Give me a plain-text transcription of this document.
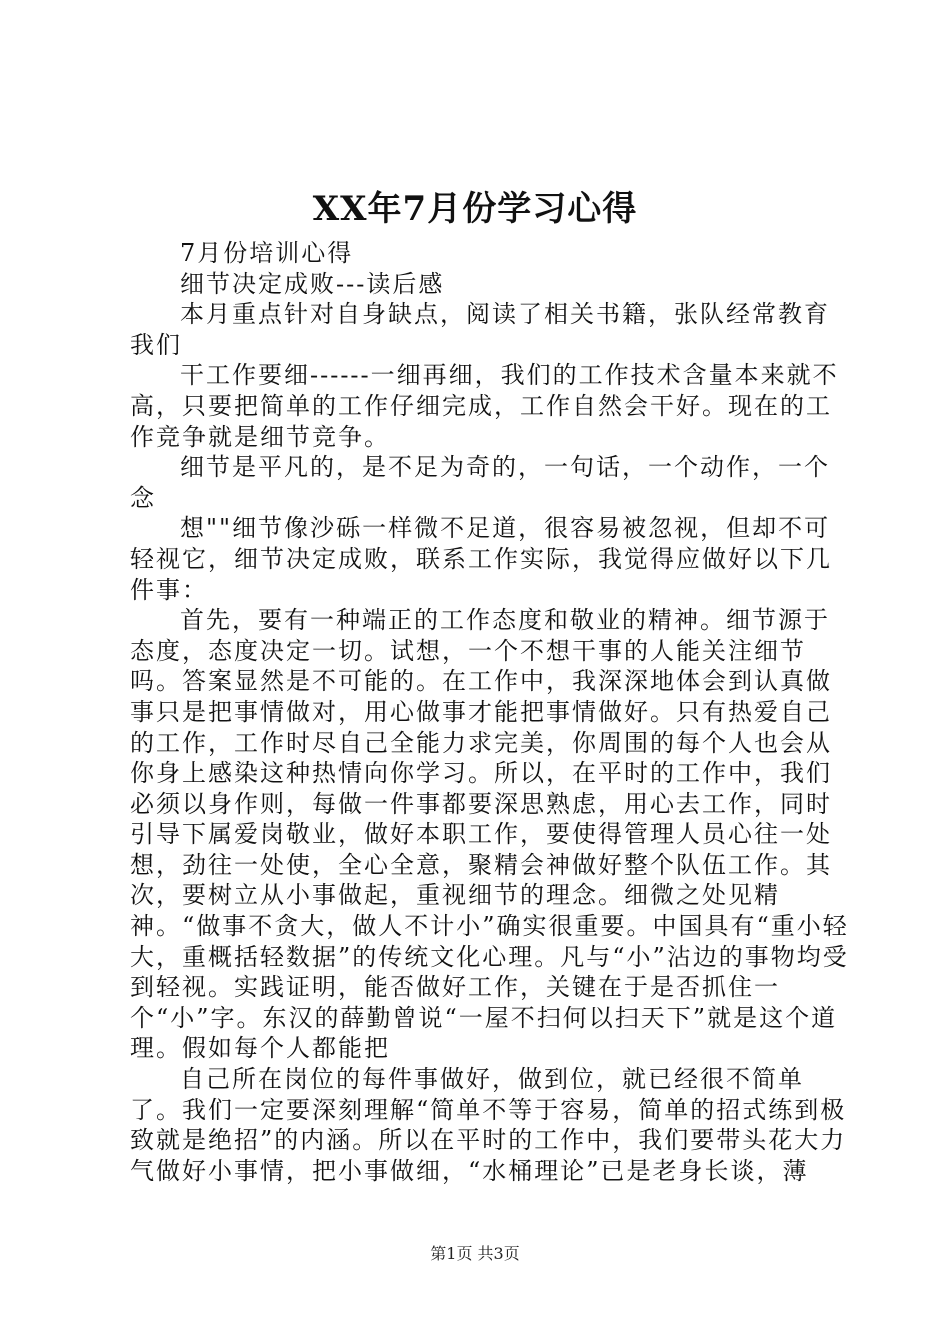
XX年7月份学习心得

7月份培训心得

细节决定成败---读后感

本月重点针对自身缺点，阅读了相关书籍，张队经常教育我们

干工作要细------一细再细，我们的工作技术含量本来就不高，只要把简单的工作仔细完成，工作自然会干好。现在的工作竞争就是细节竞争。

细节是平凡的，是不足为奇的，一句话，一个动作，一个念

想""细节像沙砾一样微不足道，很容易被忽视，但却不可轻视它，细节决定成败，联系工作实际，我觉得应做好以下几件事：

首先，要有一种端正的工作态度和敬业的精神。细节源于态度，态度决定一切。试想，一个不想干事的人能关注细节吗。答案显然是不可能的。在工作中，我深深地体会到认真做事只是把事情做对，用心做事才能把事情做好。只有热爱自己的工作，工作时尽自己全能力求完美，你周围的每个人也会从你身上感染这种热情向你学习。所以，在平时的工作中，我们必须以身作则，每做一件事都要深思熟虑，用心去工作，同时引导下属爱岗敬业，做好本职工作，要使得管理人员心往一处想，劲往一处使，全心全意，聚精会神做好整个队伍工作。其次，要树立从小事做起，重视细节的理念。细微之处见精神。“做事不贪大，做人不计小”确实很重要。中国具有“重小轻大，重概括轻数据”的传统文化心理。凡与“小”沾边的事物均受到轻视。实践证明，能否做好工作，关键在于是否抓住一个“小”字。东汉的薛勤曾说“一屋不扫何以扫天下”就是这个道理。假如每个人都能把

自己所在岗位的每件事做好，做到位，就已经很不简单了。我们一定要深刻理解“简单不等于容易，简单的招式练到极致就是绝招”的内涵。所以在平时的工作中，我们要带头花大力气做好小事情，把小事做细，“水桶理论”已是老身长谈，薄

第1页 共3页
